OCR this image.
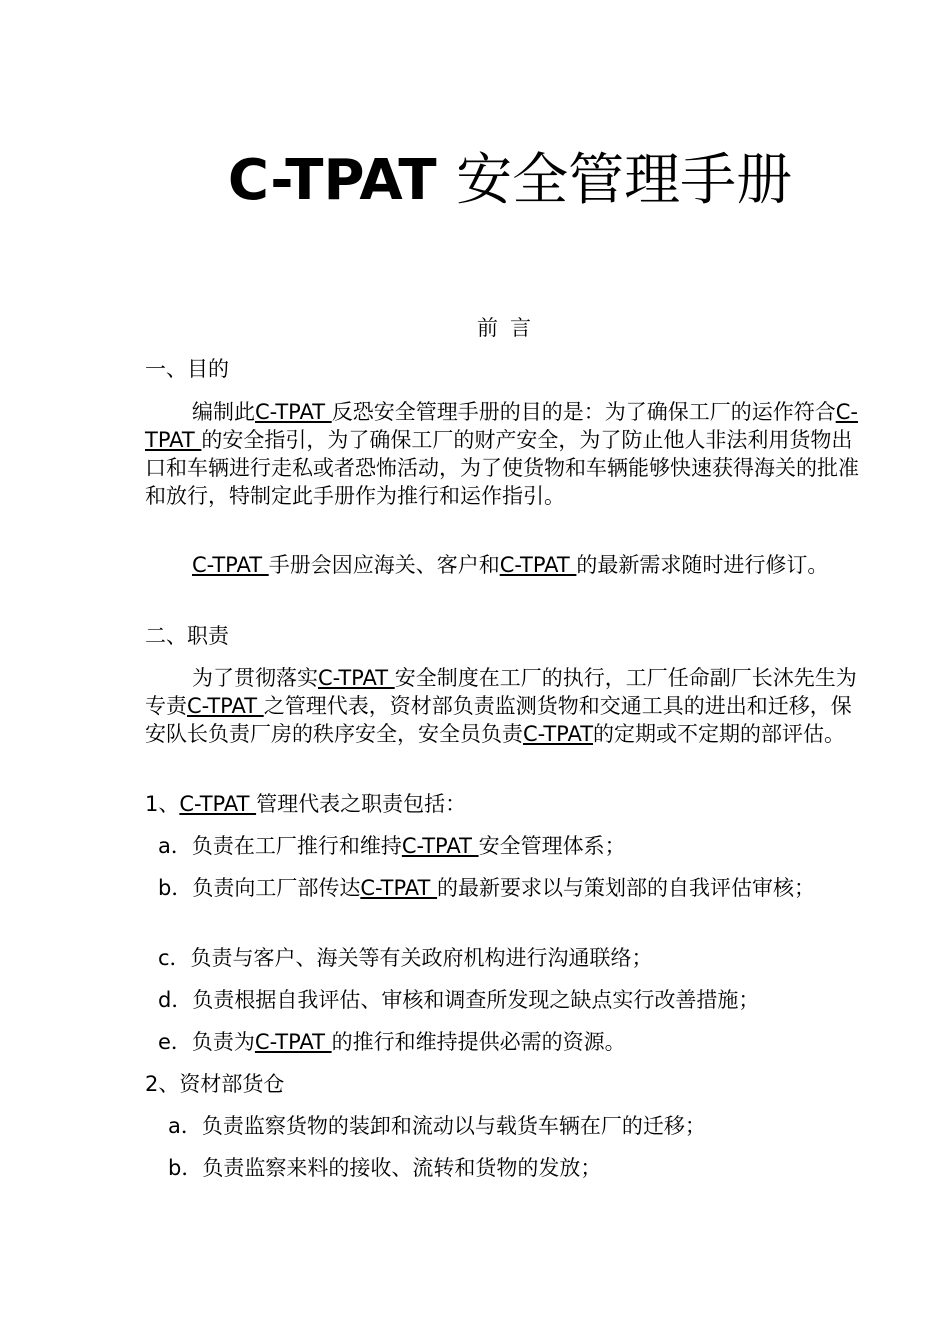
C-TPAT 安全管理手册
前言
一、目的
编制此C-TPAT 反恐安全管理手册的目的是：为了确保工厂的运作符合C-TPAT 的安全指引，为了确保工厂的财产安全，为了防止他人非法利用货物出口和车辆进行走私或者恐怖活动，为了使货物和车辆能够快速获得海关的批准和放行，特制定此手册作为推行和运作指引。
C-TPAT 手册会因应海关、客户和C-TPAT 的最新需求随时进行修订。
二、职责
为了贯彻落实C-TPAT 安全制度在工厂的执行，工厂任命副厂长沐先生为专责C-TPAT 之管理代表，资材部负责监测货物和交通工具的进出和迁移，保安队长负责厂房的秩序安全，安全员负责C-TPAT的定期或不定期的部评估。
1、C-TPAT 管理代表之职责包括：
a．负责在工厂推行和维持C-TPAT 安全管理体系；
b．负责向工厂部传达C-TPAT 的最新要求以与策划部的自我评估审核；
c．负责与客户、海关等有关政府机构进行沟通联络；
d．负责根据自我评估、审核和调查所发现之缺点实行改善措施；
e．负责为C-TPAT 的推行和维持提供必需的资源。
2、资材部货仓
a．负责监察货物的装卸和流动以与载货车辆在厂的迁移；
b．负责监察来料的接收、流转和货物的发放；
